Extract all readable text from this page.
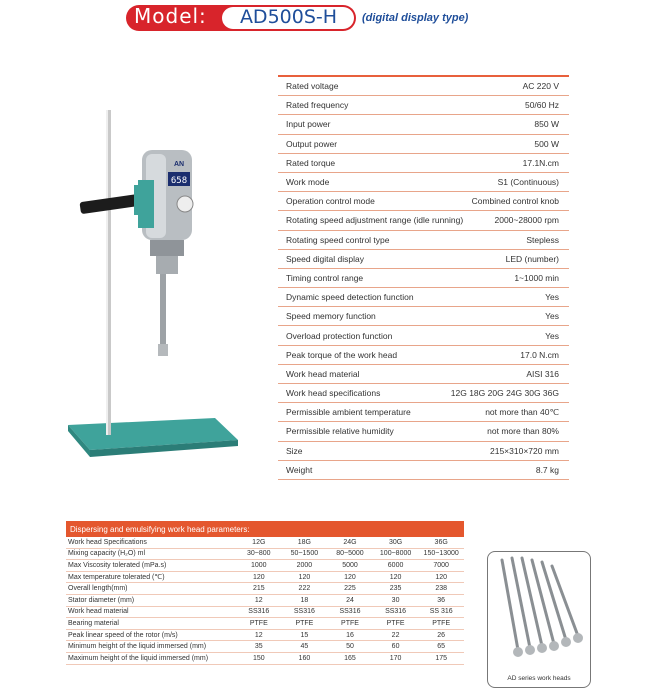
Model:	AD500S-H	(digital display type)
658
AN
Rated voltage	AC 220 V
Rated frequency	50/60 Hz
Input power	850 W
Output power	500 W
Rated torque	17.1N.cm
Work mode	S1 (Continuous)
Operation control mode	Combined control knob
Rotating speed adjustment range (idle running)	2000~28000 rpm
Rotating speed control type	Stepless
Speed digital display	LED (number)
Timing control range	1~1000 min
Dynamic speed detection function	Yes
Speed memory function	Yes
Overload protection function	Yes
Peak torque of the work head	17.0 N.cm
Work head material	AISI 316
Work head specifications	12G 18G 20G 24G 30G 36G
Permissible ambient temperature	not more than 40℃
Permissible relative humidity	not more than 80%
Size	215×310×720 mm
Weight	8.7 kg
Dispersing and emulsifying work head parameters:
Work head Specifications	12G	18G	24G	30G	36G
Mixing capacity (H₂O) ml	30~800	50~1500	80~5000	100~8000	150~13000
Max Viscosity tolerated (mPa.s)	1000	2000	5000	6000	7000
Max temperature tolerated (℃)	120	120	120	120	120
Overall length(mm)	215	222	225	235	238
Stator diameter (mm)	12	18	24	30	36
Work head material	SS316	SS316	SS316	SS316	SS 316
Bearing material	PTFE	PTFE	PTFE	PTFE	PTFE
Peak linear speed of the rotor (m/s)	12	15	16	22	26
Minimum height of the liquid immersed (mm)	35	45	50	60	65
Maximum height of the liquid immersed (mm)	150	160	165	170	175
AD series work heads
